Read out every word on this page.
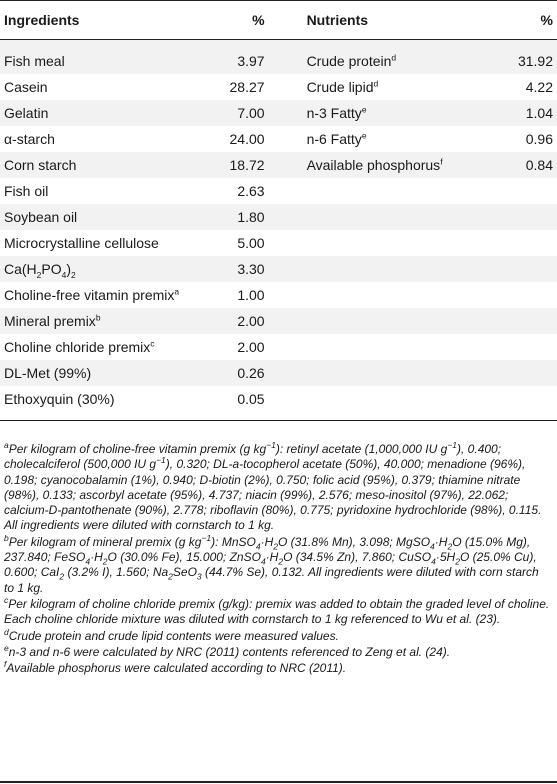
Ingredients	%	Nutrients	%
Fish meal	3.97	Crude protein$^d$	31.92
Casein	28.27	Crude lipid$^d$	4.22
Gelatin	7.00	n-3 Fatty$^e$	1.04
α-starch	24.00	n-6 Fatty$^e$	0.96
Corn starch	18.72	Available phosphorus$^f$	0.84
Fish oil	2.63		
Soybean oil	1.80		
Microcrystalline cellulose	5.00		
$Ca(H_2PO_4)_2$	3.30		
Choline-free vitamin premix$^a$	1.00		
Mineral premix$^b$	2.00		
Choline chloride premix$^c$	2.00		
DL-Met (99%)	0.26		
Ethoxyquin (30%)	0.05		

$^a$Per kilogram of choline-free vitamin premix (g $kg^{-1}$): retinyl acetate (1,000,000 IU $g^{-1}$), 0.400; cholecalciferol (500,000 IU $g^{-1}$), 0.320; DL-a-tocopherol acetate (50%), 40.000; menadione (96%), 0.198; cyanocobalamin (1%), 0.940; D-biotin (2%), 0.750; folic acid (95%), 0.379; thiamine nitrate (98%), 0.133; ascorbyl acetate (95%), 4.737; niacin (99%), 2.576; meso-inositol (97%), 22.062; calcium-D-pantothenate (90%), 2.778; riboflavin (80%), 0.775; pyridoxine hydrochloride (98%), 0.115. All ingredients were diluted with cornstarch to 1 kg.

$^b$Per kilogram of mineral premix (g $kg^{-1}$): $MnSO_4\cdot H_2O$ (31.8% Mn), 3.098; $MgSO_4\cdot H_2O$ (15.0% Mg), 237.840; $FeSO_4\cdot H_2O$ (30.0% Fe), 15.000; $ZnSO_4\cdot H_2O$ (34.5% Zn), 7.860; $CuSO_4\cdot 5H_2O$ (25.0% Cu), 0.600; CaI$_2$ (3.2% I), 1.560; $Na_2SeO_3$ (44.7% Se), 0.132. All ingredients were diluted with corn starch to 1 kg.

$^c$Per kilogram of choline chloride premix (g/kg): premix was added to obtain the graded level of choline. Each choline chloride mixture was diluted with cornstarch to 1 kg referenced to Wu et al. (23).

$^d$Crude protein and crude lipid contents were measured values.

$^e$n-3 and n-6 were calculated by NRC (2011) contents referenced to Zeng et al. (24).

$^f$Available phosphorus were calculated according to NRC (2011).
